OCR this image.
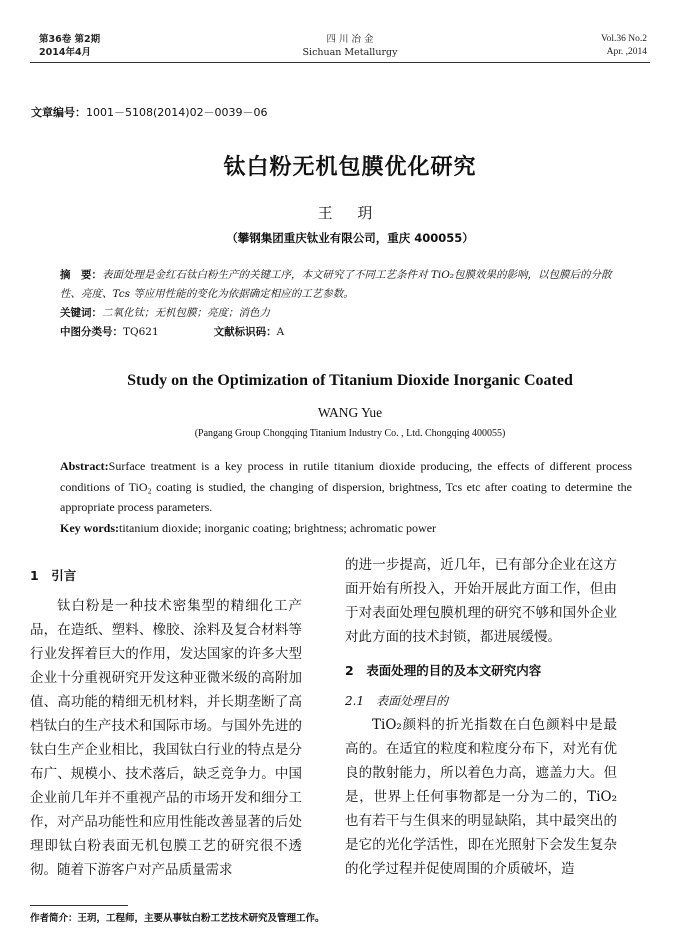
第36卷 第2期
2014年4月
四 川 冶 金
Sichuan Metallurgy
Vol.36 No.2
Apr. ,2014
文章编号：1001－5108(2014)02－0039－06
钛白粉无机包膜优化研究
王 玥
（攀钢集团重庆钛业有限公司，重庆 400055）
摘　要：表面处理是金红石钛白粉生产的关键工序，本文研究了不同工艺条件对 TiO₂包膜效果的影响，以包膜后的分散性、亮度、Tcs 等应用性能的变化为依据确定相应的工艺参数。
关键词：二氧化钛；无机包膜；亮度；消色力
中图分类号：TQ621	文献标识码：A
Study on the Optimization of Titanium Dioxide Inorganic Coated
WANG Yue
(Pangang Group Chongqing Titanium Industry Co. , Ltd. Chongqing 400055)
Abstract:Surface treatment is a key process in rutile titanium dioxide producing, the effects of different process conditions of TiO₂ coating is studied, the changing of dispersion, brightness, Tcs etc after coating to determine the appropriate process parameters.
Key words:titanium dioxide; inorganic coating; brightness; achromatic power

1　引言

钛白粉是一种技术密集型的精细化工产品，在造纸、塑料、橡胶、涂料及复合材料等行业发挥着巨大的作用，发达国家的许多大型企业十分重视研究开发这种亚微米级的高附加值、高功能的精细无机材料，并长期垄断了高档钛白的生产技术和国际市场。与国外先进的钛白生产企业相比，我国钛白行业的特点是分布广、规模小、技术落后，缺乏竞争力。中国企业前几年并不重视产品的市场开发和细分工作，对产品功能性和应用性能改善显著的后处理即钛白粉表面无机包膜工艺的研究很不透彻。随着下游客户对产品质量需求

的进一步提高，近几年，已有部分企业在这方面开始有所投入，开始开展此方面工作，但由于对表面处理包膜机理的研究不够和国外企业对此方面的技术封锁，都进展缓慢。

2　表面处理的目的及本文研究内容

2.1　表面处理目的

TiO₂颜料的折光指数在白色颜料中是最高的。在适宜的粒度和粒度分布下，对光有优良的散射能力，所以着色力高，遮盖力大。但是，世界上任何事物都是一分为二的，TiO₂也有若干与生俱来的明显缺陷，其中最突出的是它的光化学活性，即在光照射下会发生复杂的化学过程并促使周围的介质破坏，造

作者简介：王玥，工程师，主要从事钛白粉工艺技术研究及管理工作。
